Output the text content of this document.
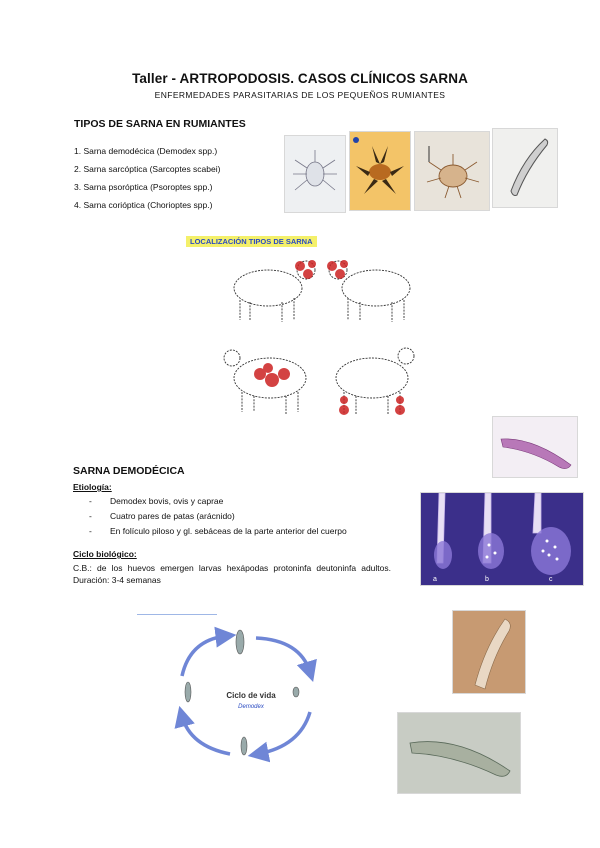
Taller - ARTROPODOSIS. CASOS CLÍNICOS SARNA
ENFERMEDADES PARASITARIAS DE LOS PEQUEÑOS RUMIANTES
TIPOS DE SARNA EN RUMIANTES
1. Sarna demodécica (Demodex spp.)
2. Sarna sarcóptica (Sarcoptes scabei)
3. Sarna psoróptica (Psoroptes spp.)
4. Sarna corióptica (Chorioptes spp.)
LOCALIZACIÓN TIPOS DE SARNA
SARNA DEMODÉCICA
Etiología:
- Demodex bovis, ovis y caprae
- Cuatro pares de patas (arácnido)
- En folículo piloso y gl. sebáceas de la parte anterior del cuerpo
Ciclo biológico:
C.B.: de los huevos emergen larvas hexápodas protoninfa deutoninfa adultos. Duración: 3-4 semanas	a	b	c
Ciclo de vida
Demodex
